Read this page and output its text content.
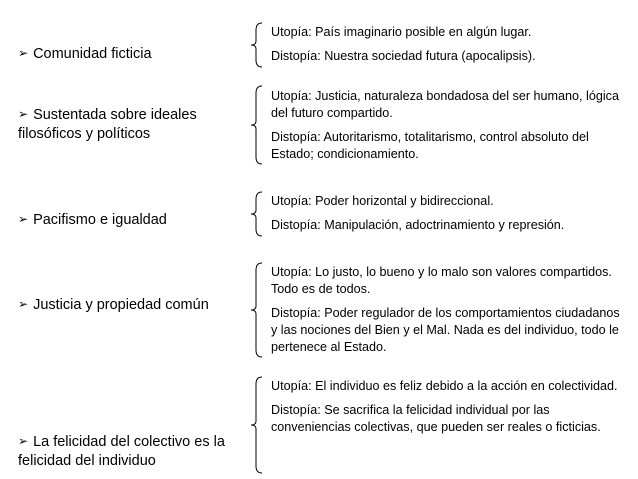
➢ Comunidad ficticia

Utopía: País imaginario posible en algún lugar.

Distopía: Nuestra sociedad futura (apocalipsis).

➢ Sustentada sobre ideales filosóficos y políticos

Utopía: Justicia, naturaleza bondadosa del ser humano, lógica del futuro compartido.

Distopía: Autoritarismo, totalitarismo, control absoluto del Estado; condicionamiento.

➢ Pacifismo e igualdad

Utopía: Poder horizontal y bidireccional.

Distopía: Manipulación, adoctrinamiento y represión.

➢ Justicia y propiedad común

Utopía: Lo justo, lo bueno y lo malo son valores compartidos. Todo es de todos.

Distopía: Poder regulador de los comportamientos ciudadanos y las nociones del Bien y el Mal. Nada es del individuo, todo le pertenece al Estado.

➢ La felicidad del colectivo es la felicidad del individuo

Utopía: El individuo es feliz debido a la acción en colectividad.

Distopía: Se sacrifica la felicidad individual por las conveniencias colectivas, que pueden ser reales o ficticias.
